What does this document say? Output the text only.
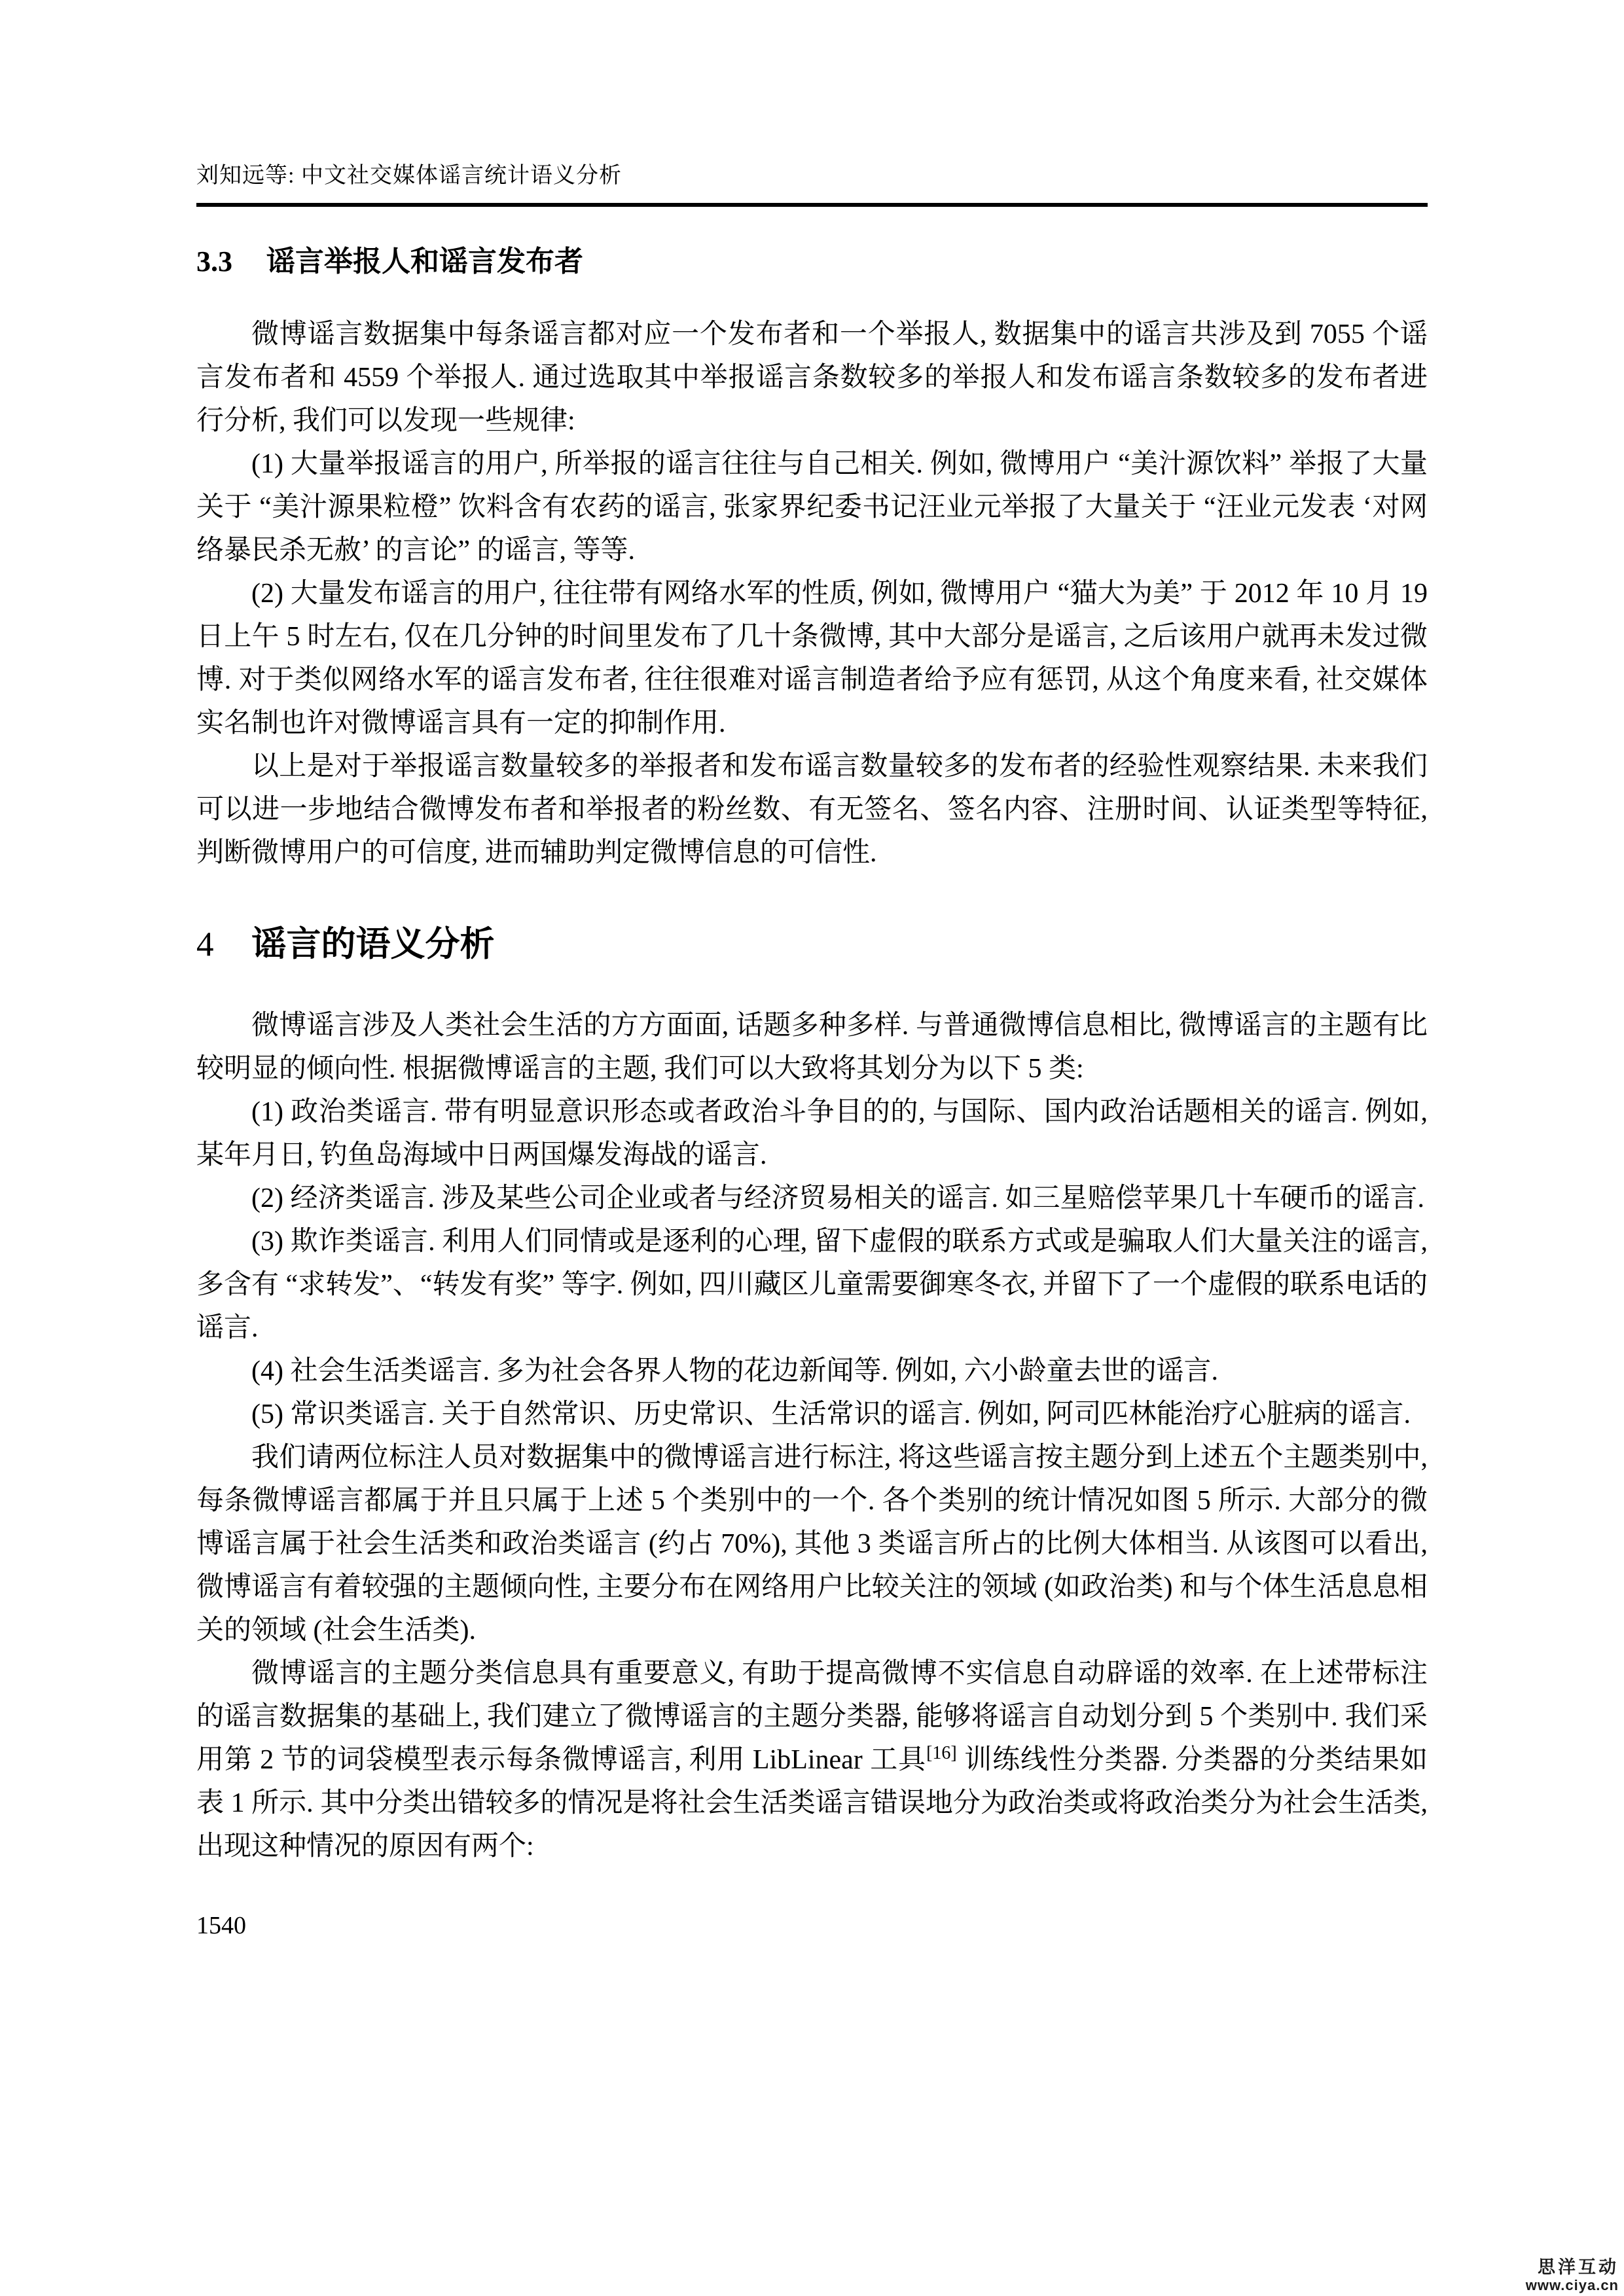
刘知远等: 中文社交媒体谣言统计语义分析
3.3 谣言举报人和谣言发布者

微博谣言数据集中每条谣言都对应一个发布者和一个举报人, 数据集中的谣言共涉及到 7055 个谣言发布者和 4559 个举报人. 通过选取其中举报谣言条数较多的举报人和发布谣言条数较多的发布者进行分析, 我们可以发现一些规律:

(1) 大量举报谣言的用户, 所举报的谣言往往与自己相关. 例如, 微博用户 “美汁源饮料” 举报了大量关于 “美汁源果粒橙” 饮料含有农药的谣言, 张家界纪委书记汪业元举报了大量关于 “汪业元发表 ‘对网络暴民杀无赦’ 的言论” 的谣言, 等等.

(2) 大量发布谣言的用户, 往往带有网络水军的性质, 例如, 微博用户 “猫大为美” 于 2012 年 10 月 19 日上午 5 时左右, 仅在几分钟的时间里发布了几十条微博, 其中大部分是谣言, 之后该用户就再未发过微博. 对于类似网络水军的谣言发布者, 往往很难对谣言制造者给予应有惩罚, 从这个角度来看, 社交媒体实名制也许对微博谣言具有一定的抑制作用.

以上是对于举报谣言数量较多的举报者和发布谣言数量较多的发布者的经验性观察结果. 未来我们可以进一步地结合微博发布者和举报者的粉丝数、有无签名、签名内容、注册时间、认证类型等特征, 判断微博用户的可信度, 进而辅助判定微博信息的可信性.

4 谣言的语义分析

微博谣言涉及人类社会生活的方方面面, 话题多种多样. 与普通微博信息相比, 微博谣言的主题有比较明显的倾向性. 根据微博谣言的主题, 我们可以大致将其划分为以下 5 类:

(1) 政治类谣言. 带有明显意识形态或者政治斗争目的的, 与国际、国内政治话题相关的谣言. 例如, 某年月日, 钓鱼岛海域中日两国爆发海战的谣言.

(2) 经济类谣言. 涉及某些公司企业或者与经济贸易相关的谣言. 如三星赔偿苹果几十车硬币的谣言.

(3) 欺诈类谣言. 利用人们同情或是逐利的心理, 留下虚假的联系方式或是骗取人们大量关注的谣言, 多含有 “求转发”、“转发有奖” 等字. 例如, 四川藏区儿童需要御寒冬衣, 并留下了一个虚假的联系电话的谣言.

(4) 社会生活类谣言. 多为社会各界人物的花边新闻等. 例如, 六小龄童去世的谣言.

(5) 常识类谣言. 关于自然常识、历史常识、生活常识的谣言. 例如, 阿司匹林能治疗心脏病的谣言.

我们请两位标注人员对数据集中的微博谣言进行标注, 将这些谣言按主题分到上述五个主题类别中, 每条微博谣言都属于并且只属于上述 5 个类别中的一个. 各个类别的统计情况如图 5 所示. 大部分的微博谣言属于社会生活类和政治类谣言 (约占 70%), 其他 3 类谣言所占的比例大体相当. 从该图可以看出, 微博谣言有着较强的主题倾向性, 主要分布在网络用户比较关注的领域 (如政治类) 和与个体生活息息相关的领域 (社会生活类).

微博谣言的主题分类信息具有重要意义, 有助于提高微博不实信息自动辟谣的效率. 在上述带标注的谣言数据集的基础上, 我们建立了微博谣言的主题分类器, 能够将谣言自动划分到 5 个类别中. 我们采用第 2 节的词袋模型表示每条微博谣言, 利用 LibLinear 工具[16] 训练线性分类器. 分类器的分类结果如表 1 所示. 其中分类出错较多的情况是将社会生活类谣言错误地分为政治类或将政治类分为社会生活类, 出现这种情况的原因有两个:

1540
思洋互动
www.ciya.cn
